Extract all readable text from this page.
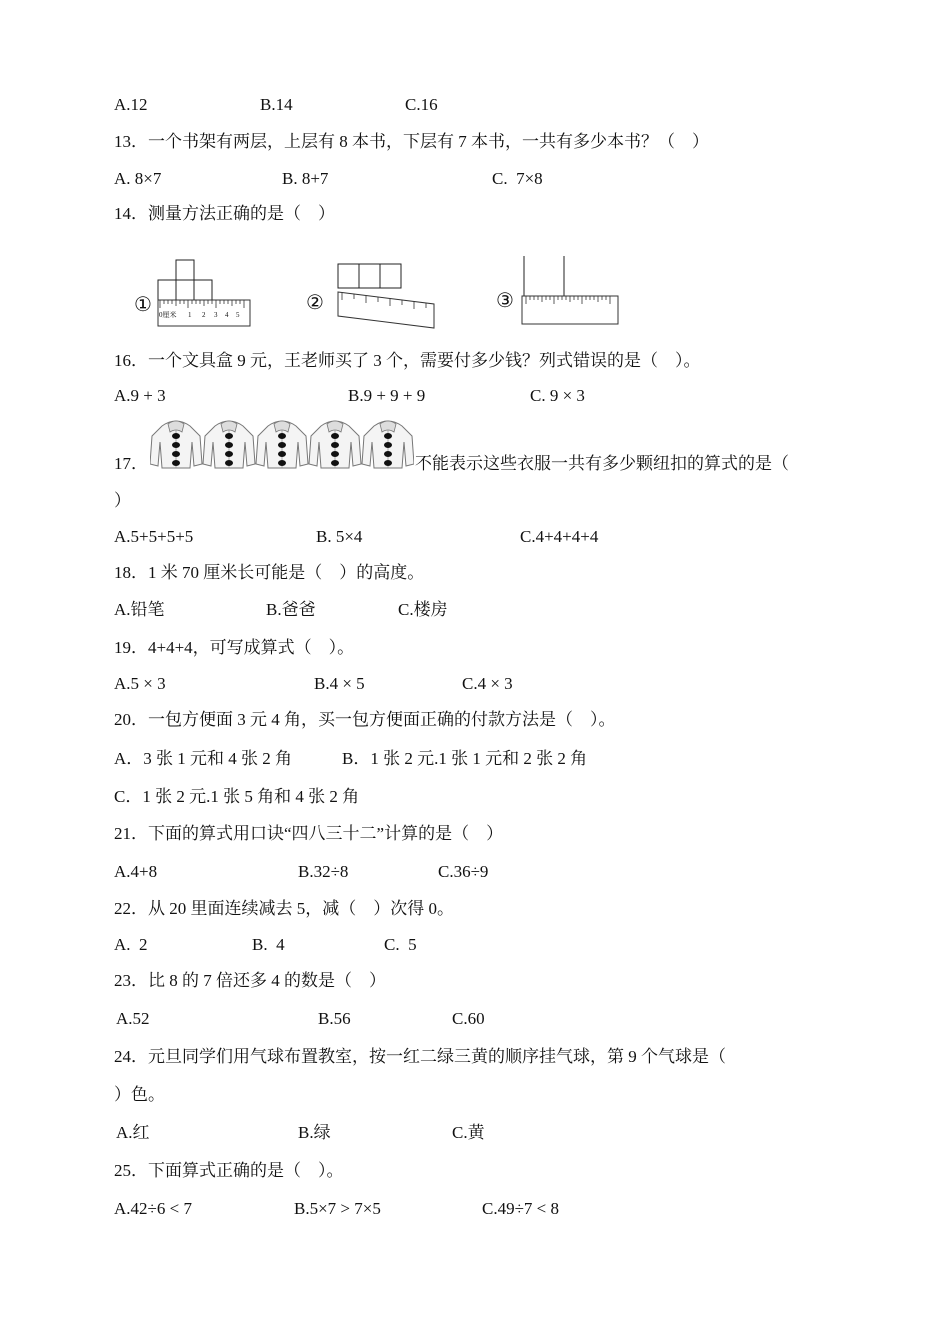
A.12	B.14	C.16
13．一个书架有两层，上层有 8 本书，下层有 7 本书，一共有多少本书？（　）
A. 8×7	B. 8+7	C.  7×8
14．测量方法正确的是（　）
① 0厘米 1 2 3 4 5
②	③
16．一个文具盒 9 元，王老师买了 3 个，需要付多少钱？列式错误的是（　）。
A.9 + 3	B.9 + 9 + 9	C. 9 × 3
17．	不能表示这些衣服一共有多少颗纽扣的算式的是（
）
A.5+5+5+5	B. 5×4	C.4+4+4+4
18．1 米 70 厘米长可能是（　）的高度。
A.铅笔	B.爸爸	C.楼房
19．4+4+4，可写成算式（　）。
A.5 × 3	B.4 × 5	C.4 × 3
20．一包方便面 3 元 4 角，买一包方便面正确的付款方法是（　）。
A．3 张 1 元和 4 张 2 角	B．1 张 2 元.1 张 1 元和 2 张 2 角
C．1 张 2 元.1 张 5 角和 4 张 2 角
21．下面的算式用口诀“四八三十二”计算的是（　）
A.4+8	B.32÷8	C.36÷9
22．从 20 里面连续减去 5，减（　）次得 0。
A.  2	B.  4	C.  5
23．比 8 的 7 倍还多 4 的数是（　）
A.52	B.56	C.60
24．元旦同学们用气球布置教室，按一红二绿三黄的顺序挂气球，第 9 个气球是（
）色。
A.红	B.绿	C.黄
25．下面算式正确的是（　）。
A.42÷6 < 7	B.5×7 > 7×5	C.49÷7 < 8
